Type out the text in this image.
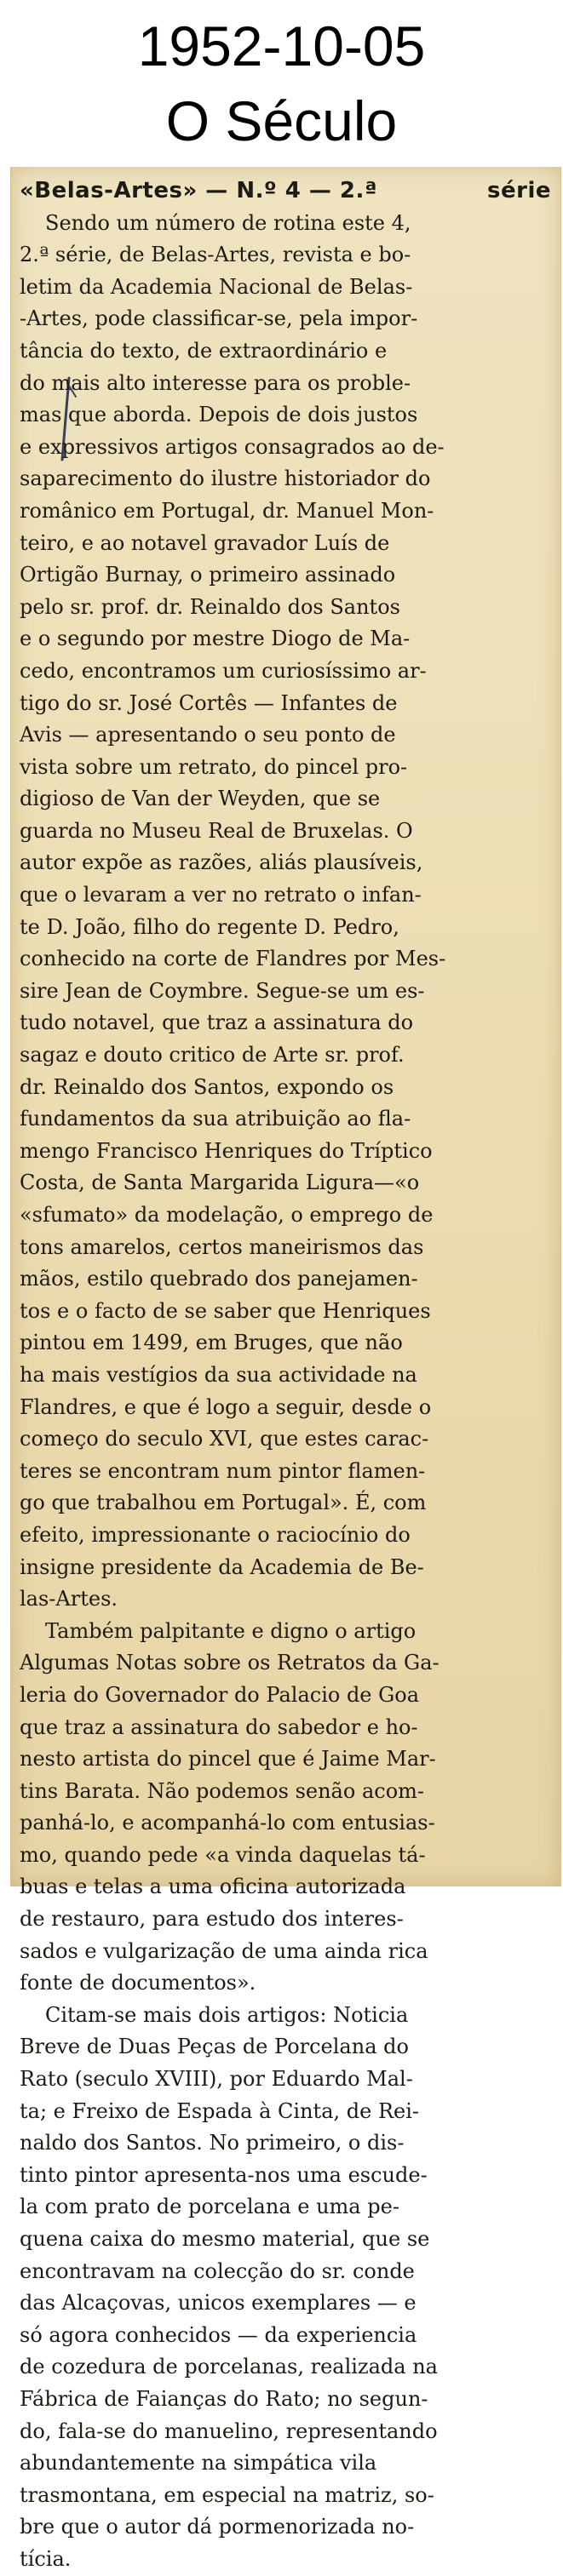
1952-10-05
O Século
«Belas-Artes» — N.º 4 — 2.ª	série
Sendo um número de rotina este 4,
2.ª série, de Belas-Artes, revista e bo-
letim da Academia Nacional de Belas-
-Artes, pode classificar-se, pela impor-
tância do texto, de extraordinário e
do mais alto interesse para os proble-
mas que aborda. Depois de dois justos
e expressivos artigos consagrados ao de-
saparecimento do ilustre historiador do
românico em Portugal, dr. Manuel Mon-
teiro, e ao notavel gravador Luís de
Ortigão Burnay, o primeiro assinado
pelo sr. prof. dr. Reinaldo dos Santos
e o segundo por mestre Diogo de Ma-
cedo, encontramos um curiosíssimo ar-
tigo do sr. José Cortês — Infantes de
Avis — apresentando o seu ponto de
vista sobre um retrato, do pincel pro-
digioso de Van der Weyden, que se
guarda no Museu Real de Bruxelas. O
autor expõe as razões, aliás plausíveis,
que o levaram a ver no retrato o infan-
te D. João, filho do regente D. Pedro,
conhecido na corte de Flandres por Mes-
sire Jean de Coymbre. Segue-se um es-
tudo notavel, que traz a assinatura do
sagaz e douto critico de Arte sr. prof.
dr. Reinaldo dos Santos, expondo os
fundamentos da sua atribuição ao fla-
mengo Francisco Henriques do Tríptico
Costa, de Santa Margarida Ligura—«o
«sfumato» da modelação, o emprego de
tons amarelos, certos maneirismos das
mãos, estilo quebrado dos panejamen-
tos e o facto de se saber que Henriques
pintou em 1499, em Bruges, que não
ha mais vestígios da sua actividade na
Flandres, e que é logo a seguir, desde o
começo do seculo XVI, que estes carac-
teres se encontram num pintor flamen-
go que trabalhou em Portugal». É, com
efeito, impressionante o raciocínio do
insigne presidente da Academia de Be-
las-Artes.
Também palpitante e digno o artigo
Algumas Notas sobre os Retratos da Ga-
leria do Governador do Palacio de Goa
que traz a assinatura do sabedor e ho-
nesto artista do pincel que é Jaime Mar-
tins Barata. Não podemos senão acom-
panhá-lo, e acompanhá-lo com entusias-
mo, quando pede «a vinda daquelas tá-
buas e telas a uma oficina autorizada
de restauro, para estudo dos interes-
sados e vulgarização de uma ainda rica
fonte de documentos».
Citam-se mais dois artigos: Noticia
Breve de Duas Peças de Porcelana do
Rato (seculo XVIII), por Eduardo Mal-
ta; e Freixo de Espada à Cinta, de Rei-
naldo dos Santos. No primeiro, o dis-
tinto pintor apresenta-nos uma escude-
la com prato de porcelana e uma pe-
quena caixa do mesmo material, que se
encontravam na colecção do sr. conde
das Alcaçovas, unicos exemplares — e
só agora conhecidos — da experiencia
de cozedura de porcelanas, realizada na
Fábrica de Faianças do Rato; no segun-
do, fala-se do manuelino, representando
abundantemente na simpática vila
trasmontana, em especial na matriz, so-
bre que o autor dá pormenorizada no-
tícia.
